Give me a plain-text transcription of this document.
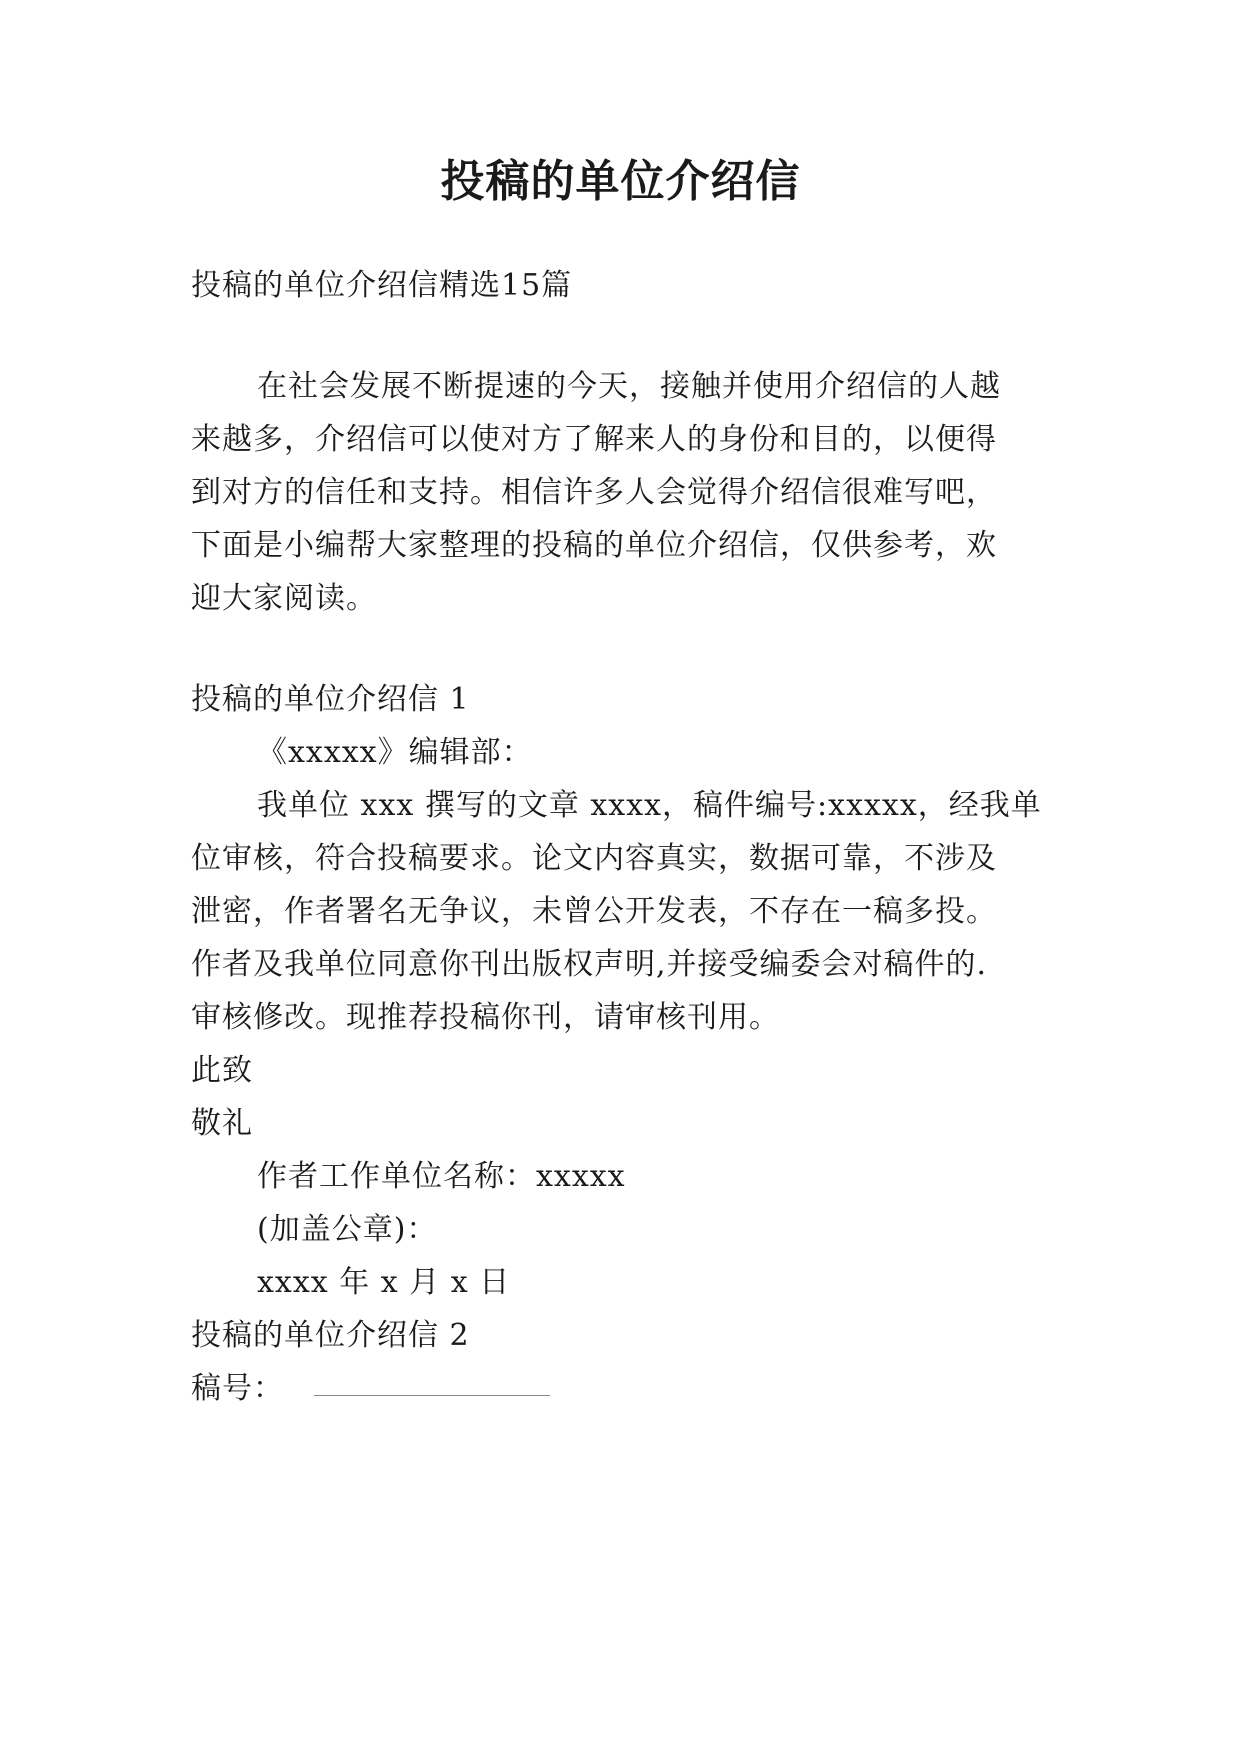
投稿的单位介绍信
投稿的单位介绍信精选15篇
在社会发展不断提速的今天，接触并使用介绍信的人越
来越多，介绍信可以使对方了解来人的身份和目的，以便得
到对方的信任和支持。相信许多人会觉得介绍信很难写吧，
下面是小编帮大家整理的投稿的单位介绍信，仅供参考，欢
迎大家阅读。
投稿的单位介绍信 1
《xxxxx》编辑部：
我单位 xxx 撰写的文章 xxxx，稿件编号:xxxxx，经我单
位审核，符合投稿要求。论文内容真实，数据可靠，不涉及
泄密，作者署名无争议，未曾公开发表，不存在一稿多投。
作者及我单位同意你刊出版权声明,并接受编委会对稿件的.
审核修改。现推荐投稿你刊，请审核刊用。
此致
敬礼
作者工作单位名称：xxxxx
(加盖公章)：
xxxx 年 x 月 x 日
投稿的单位介绍信 2
稿号：
